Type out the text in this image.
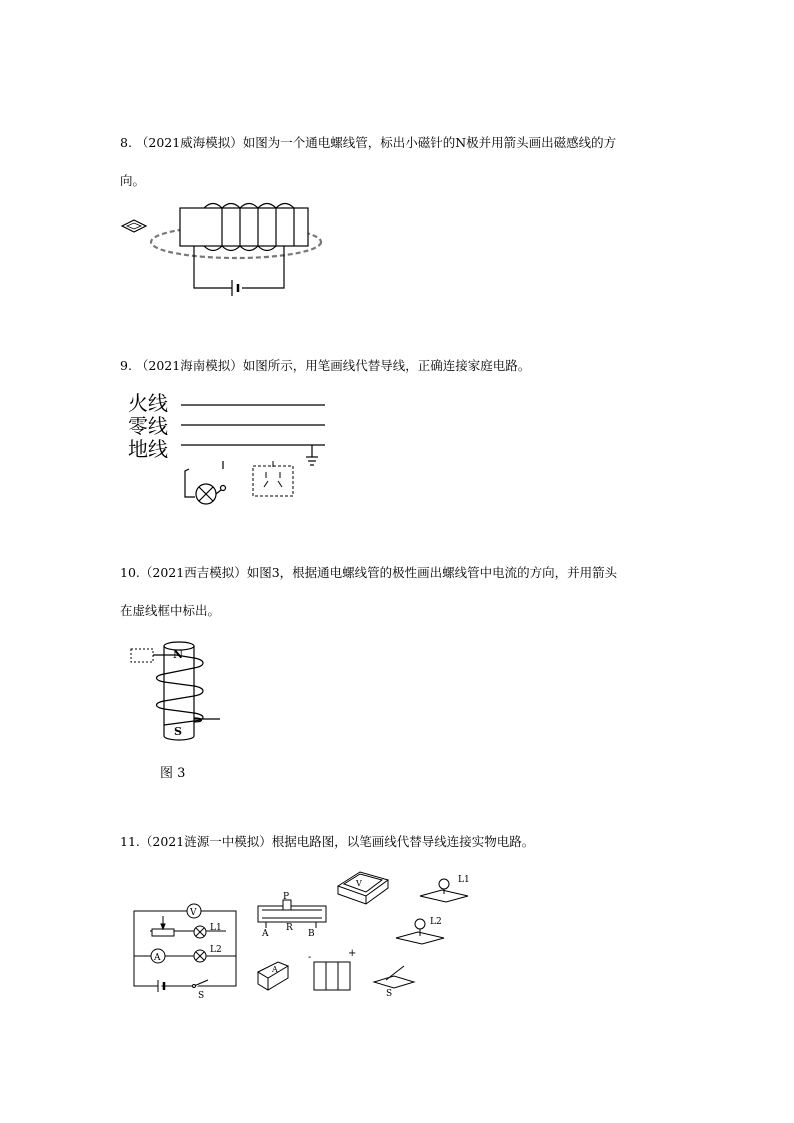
8. （2021威海模拟）如图为一个通电螺线管，标出小磁针的N极并用箭头画出磁感线的方
向。
9. （2021海南模拟）如图所示，用笔画线代替导线，正确连接家庭电路。
火线
零线
地线
10.（2021西吉模拟）如图3，根据通电螺线管的极性画出螺线管中电流的方向，并用箭头
在虚线框中标出。
N
S
图 3
11.（2021涟源一中模拟）根据电路图，以笔画线代替导线连接实物电路。
V
A
L1
L2
S
P
A
R
B
V	L1
L2
A
-	+
S
